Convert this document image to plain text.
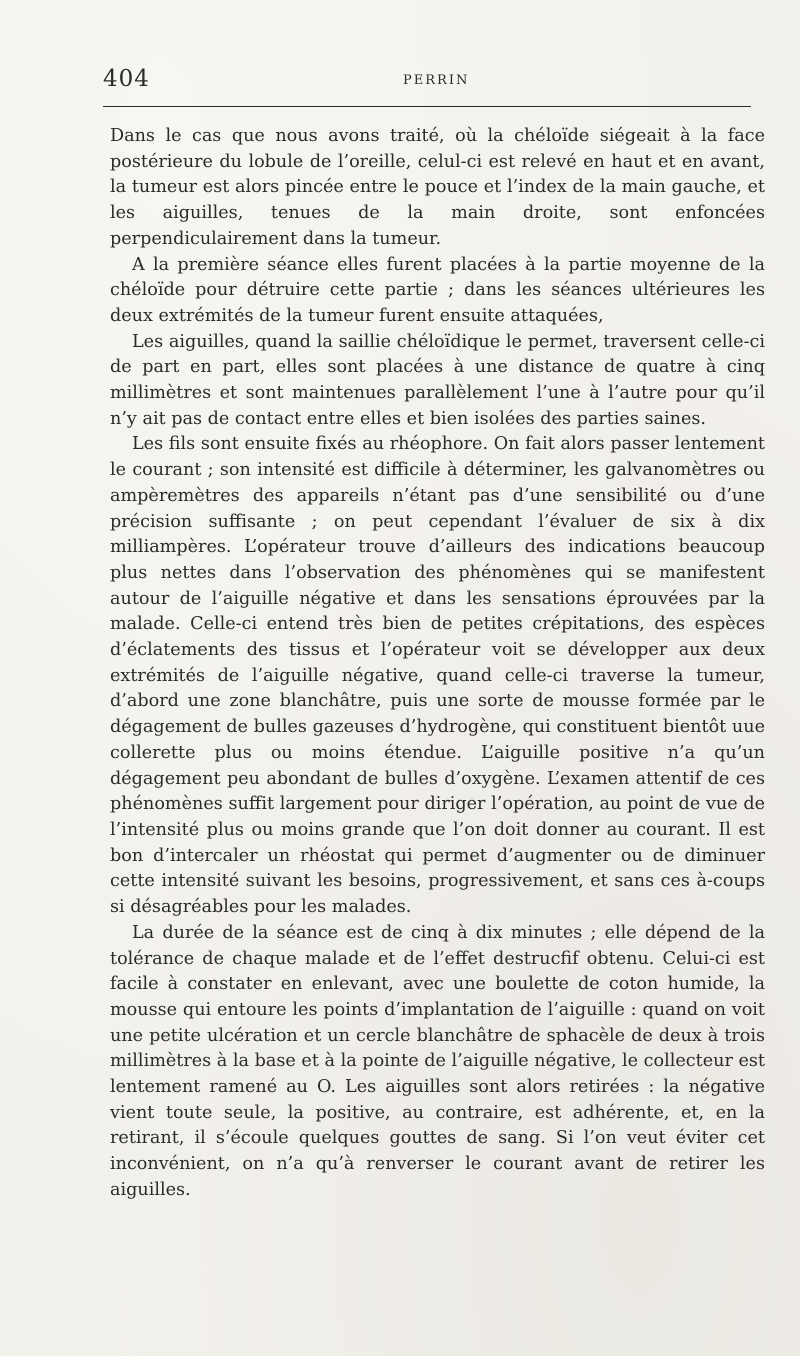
404	PERRIN

Dans le cas que nous avons traité, où la chéloïde siégeait à la face postérieure du lobule de l’oreille, celul-ci est relevé en haut et en avant, la tumeur est alors pincée entre le pouce et l’index de la main gauche, et les aiguilles, tenues de la main droite, sont enfoncées perpendiculairement dans la tumeur.

A la première séance elles furent placées à la partie moyenne de la chéloïde pour détruire cette partie ; dans les séances ultérieures les deux extrémités de la tumeur furent ensuite attaquées,

Les aiguilles, quand la saillie chéloïdique le permet, traversent celle-ci de part en part, elles sont placées à une distance de quatre à cinq millimètres et sont maintenues parallèlement l’une à l’autre pour qu’il n’y ait pas de contact entre elles et bien isolées des parties saines.

Les fils sont ensuite fixés au rhéophore. On fait alors passer lentement le courant ; son intensité est difficile à déterminer, les galvanomètres ou ampèremètres des appareils n’étant pas d’une sensibilité ou d’une précision suffisante ; on peut cependant l’évaluer de six à dix milliampères. L’opérateur trouve d’ailleurs des indications beaucoup plus nettes dans l’observation des phénomènes qui se manifestent autour de l’aiguille négative et dans les sensations éprouvées par la malade. Celle-ci entend très bien de petites crépitations, des espèces d’éclatements des tissus et l’opérateur voit se développer aux deux extrémités de l’aiguille négative, quand celle-ci traverse la tumeur, d’abord une zone blanchâtre, puis une sorte de mousse formée par le dégagement de bulles gazeuses d’hydrogène, qui constituent bientôt uue collerette plus ou moins étendue. L’aiguille positive n’a qu’un dégagement peu abondant de bulles d’oxygène. L’examen attentif de ces phénomènes suffit largement pour diriger l’opération, au point de vue de l’intensité plus ou moins grande que l’on doit donner au courant. Il est bon d’intercaler un rhéostat qui permet d’augmenter ou de diminuer cette intensité suivant les besoins, progressivement, et sans ces à-coups si désagréables pour les malades.

La durée de la séance est de cinq à dix minutes ; elle dépend de la tolérance de chaque malade et de l’effet destrucfif obtenu. Celui-ci est facile à constater en enlevant, avec une boulette de coton humide, la mousse qui entoure les points d’implantation de l’aiguille : quand on voit une petite ulcération et un cercle blanchâtre de sphacèle de deux à trois millimètres à la base et à la pointe de l’aiguille négative, le collecteur est lentement ramené au O. Les aiguilles sont alors retirées : la négative vient toute seule, la positive, au contraire, est adhérente, et, en la retirant, il s’écoule quelques gouttes de sang. Si l’on veut éviter cet inconvénient, on n’a qu’à renverser le courant avant de retirer les aiguilles.
